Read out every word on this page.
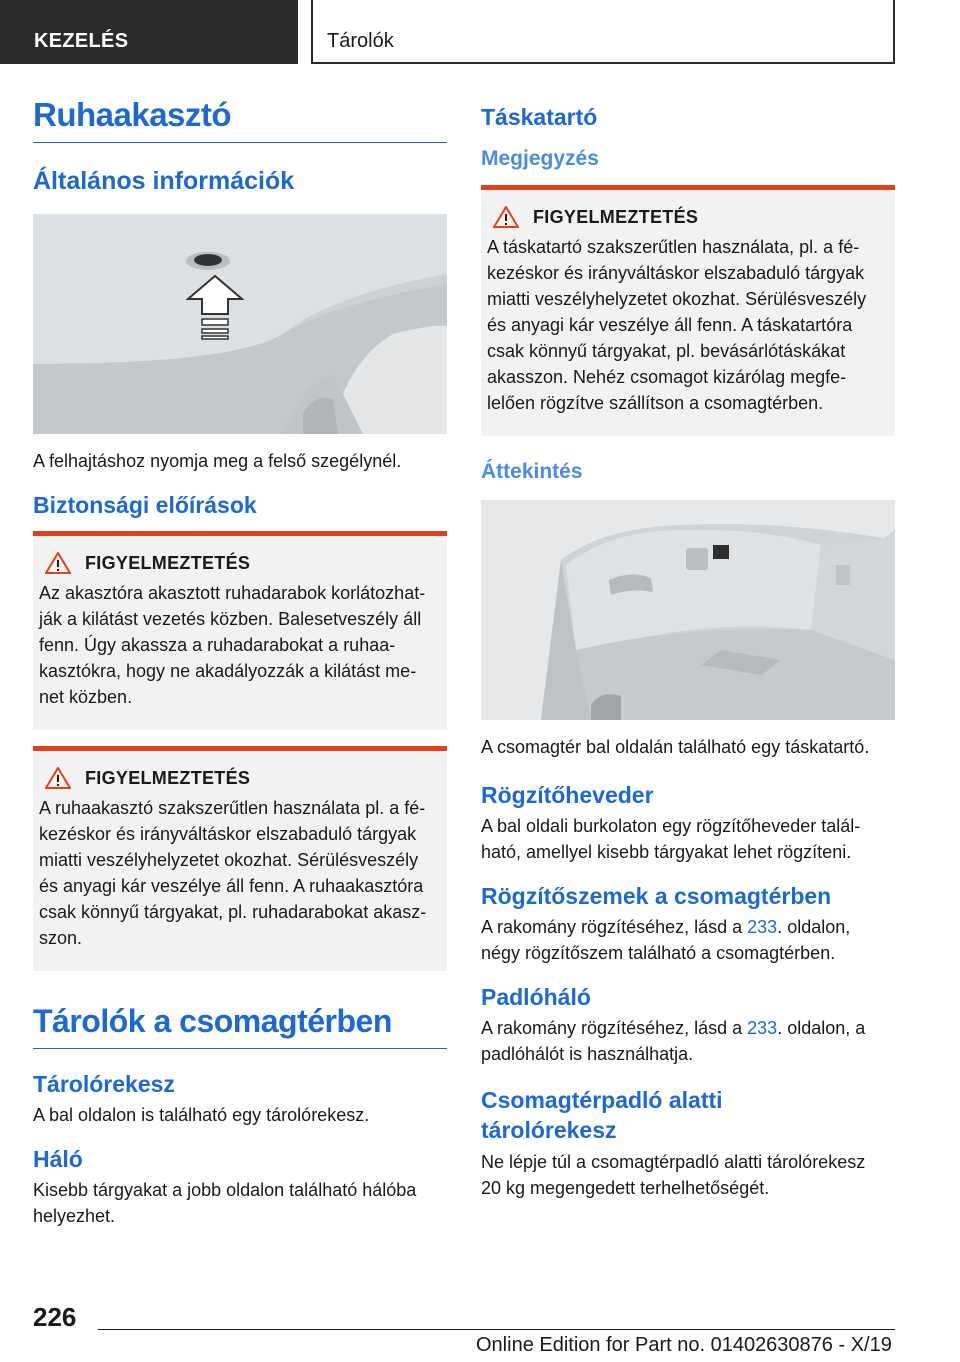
KEZELÉS	Tárolók
Ruhaakasztó
Általános információk
A felhajtáshoz nyomja meg a felső szegélynél.
Biztonsági előírások
FIGYELMEZTETÉS
Az akasztóra akasztott ruhadarabok korlátozhat-
ják a kilátást vezetés közben. Balesetveszély áll
fenn. Úgy akassza a ruhadarabokat a ruhaa-
kasztókra, hogy ne akadályozzák a kilátást me-
net közben.
FIGYELMEZTETÉS
A ruhaakasztó szakszerűtlen használata pl. a fé-
kezéskor és irányváltáskor elszabaduló tárgyak
miatti veszélyhelyzetet okozhat. Sérülésveszély
és anyagi kár veszélye áll fenn. A ruhaakasztóra
csak könnyű tárgyakat, pl. ruhadarabokat akasz-
szon.
Tárolók a csomagtérben
Tárolórekesz
A bal oldalon is található egy tárolórekesz.
Háló
Kisebb tárgyakat a jobb oldalon található hálóba
helyezhet.
Táskatartó
Megjegyzés
FIGYELMEZTETÉS
A táskatartó szakszerűtlen használata, pl. a fé-
kezéskor és irányváltáskor elszabaduló tárgyak
miatti veszélyhelyzetet okozhat. Sérülésveszély
és anyagi kár veszélye áll fenn. A táskatartóra
csak könnyű tárgyakat, pl. bevásárlótáskákat
akasszon. Nehéz csomagot kizárólag megfe-
lelően rögzítve szállítson a csomagtérben.
Áttekintés
A csomagtér bal oldalán található egy táskatartó.
Rögzítőheveder
A bal oldali burkolaton egy rögzítőheveder talál-
ható, amellyel kisebb tárgyakat lehet rögzíteni.
Rögzítőszemek a csomagtérben
A rakomány rögzítéséhez, lásd a 233. oldalon,
négy rögzítőszem található a csomagtérben.
Padlóháló
A rakomány rögzítéséhez, lásd a 233. oldalon, a
padlóhálót is használhatja.
Csomagtérpadló alatti
tárolórekesz
Ne lépje túl a csomagtérpadló alatti tárolórekesz
20 kg megengedett terhelhetőségét.
226
Online Edition for Part no. 01402630876 - X/19
